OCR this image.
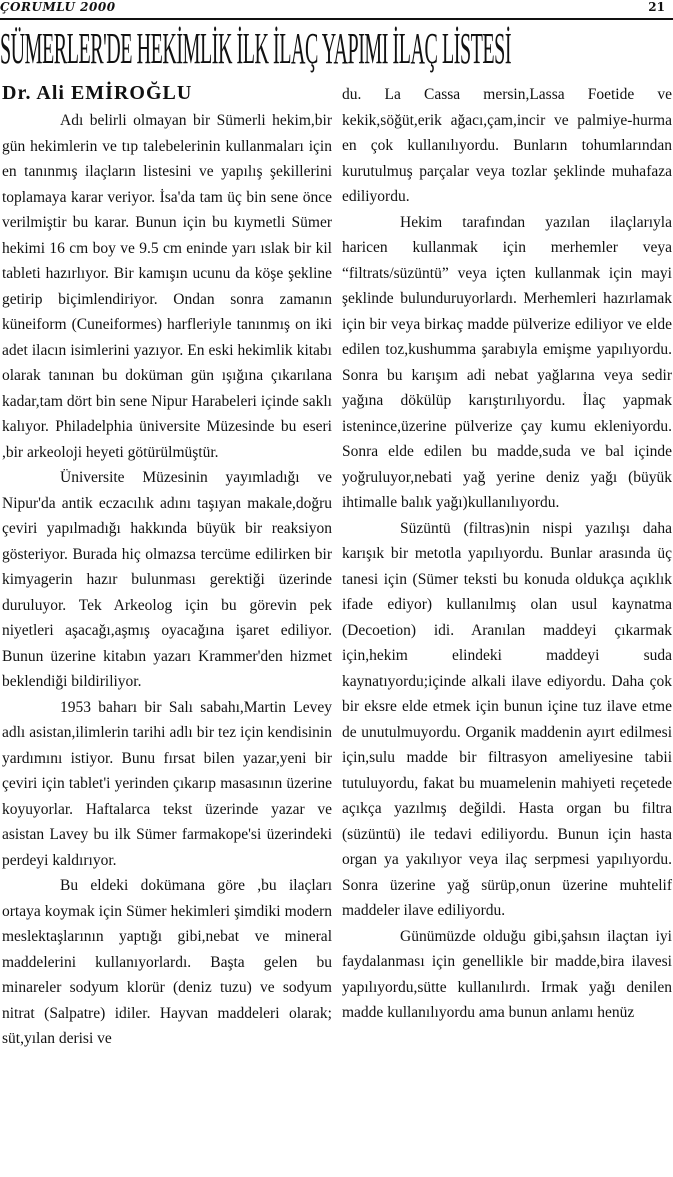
ÇORUMLU 2000	21
SÜMERLER'DE HEKİMLİK İLK İLAÇ YAPIMI İLAÇ LİSTESİ
Dr. Ali EMİROĞLU

Adı belirli olmayan bir Sümerli hekim,bir gün hekimlerin ve tıp talebelerinin kullanmaları için en tanınmış ilaçların listesini ve yapılış şekillerini toplamaya karar veriyor. İsa'da tam üç bin sene önce verilmiştir bu karar. Bunun için bu kıymetli Sümer hekimi 16 cm boy ve 9.5 cm eninde yarı ıslak bir kil tableti hazırlıyor. Bir kamışın ucunu da köşe şekline getirip biçimlendiriyor. Ondan sonra zamanın küneiform (Cuneiformes) harfleriyle tanınmış on iki adet ilacın isimlerini yazıyor. En eski hekimlik kitabı olarak tanınan bu doküman gün ışığına çıkarılana kadar,tam dört bin sene Nipur Harabeleri içinde saklı kalıyor. Philadelphia üniversite Müzesinde bu eseri ,bir arkeoloji heyeti götürülmüştür.

Üniversite Müzesinin yayımladığı ve Nipur'da antik eczacılık adını taşıyan makale,doğru çeviri yapılmadığı hakkında büyük bir reaksiyon gösteriyor. Burada hiç olmazsa tercüme edilirken bir kimyagerin hazır bulunması gerektiği üzerinde duruluyor. Tek Arkeolog için bu görevin pek niyetleri aşacağı,aşmış oyacağına işaret ediliyor. Bunun üzerine kitabın yazarı Krammer'den hizmet beklendiği bildiriliyor.

1953 baharı bir Salı sabahı,Martin Levey adlı asistan,ilimlerin tarihi adlı bir tez için kendisinin yardımını istiyor. Bunu fırsat bilen yazar,yeni bir çeviri için tablet'i yerinden çıkarıp masasının üzerine koyuyorlar. Haftalarca tekst üzerinde yazar ve asistan Lavey bu ilk Sümer farmakope'si üzerindeki perdeyi kaldırıyor.

Bu eldeki dokümana göre ,bu ilaçları ortaya koymak için Sümer hekimleri şimdiki modern meslektaşlarının yaptığı gibi,nebat ve mineral maddelerini kullanıyorlardı. Başta gelen bu minareler sodyum klorür (deniz tuzu) ve sodyum nitrat (Salpatre) idiler. Hayvan maddeleri olarak; süt,yılan derisi ve

du. La Cassa mersin,Lassa Foetide ve kekik,söğüt,erik ağacı,çam,incir ve palmiye-hurma en çok kullanılıyordu. Bunların tohumlarından kurutulmuş parçalar veya tozlar şeklinde muhafaza ediliyordu.

Hekim tarafından yazılan ilaçlarıyla haricen kullanmak için merhemler veya “filtrats/süzüntü” veya içten kullanmak için mayi şeklinde bulunduruyorlardı. Merhemleri hazırlamak için bir veya birkaç madde pülverize ediliyor ve elde edilen toz,kushumma şarabıyla emişme yapılıyordu. Sonra bu karışım adi nebat yağlarına veya sedir yağına dökülüp karıştırılıyordu. İlaç yapmak istenince,üzerine pülverize çay kumu ekleniyordu. Sonra elde edilen bu madde,suda ve bal içinde yoğruluyor,nebati yağ yerine deniz yağı (büyük ihtimalle balık yağı)kullanılıyordu.

Süzüntü (filtras)nin nispi yazılışı daha karışık bir metotla yapılıyordu. Bunlar arasında üç tanesi için (Sümer teksti bu konuda oldukça açıklık ifade ediyor) kullanılmış olan usul kaynatma (Decoetion) idi. Aranılan maddeyi çıkarmak için,hekim elindeki maddeyi suda kaynatıyordu;içinde alkali ilave ediyordu. Daha çok bir eksre elde etmek için bunun içine tuz ilave etme de unutulmuyordu. Organik maddenin ayırt edilmesi için,sulu madde bir filtrasyon ameliyesine tabii tutuluyordu, fakat bu muamelenin mahiyeti reçetede açıkça yazılmış değildi. Hasta organ bu filtra (süzüntü) ile tedavi ediliyordu. Bunun için hasta organ ya yakılıyor veya ilaç serpmesi yapılıyordu. Sonra üzerine yağ sürüp,onun üzerine muhtelif maddeler ilave ediliyordu.

Günümüzde olduğu gibi,şahsın ilaçtan iyi faydalanması için genellikle bir madde,bira ilavesi yapılıyordu,sütte kullanılırdı. Irmak yağı denilen madde kullanılıyordu ama bunun anlamı henüz
